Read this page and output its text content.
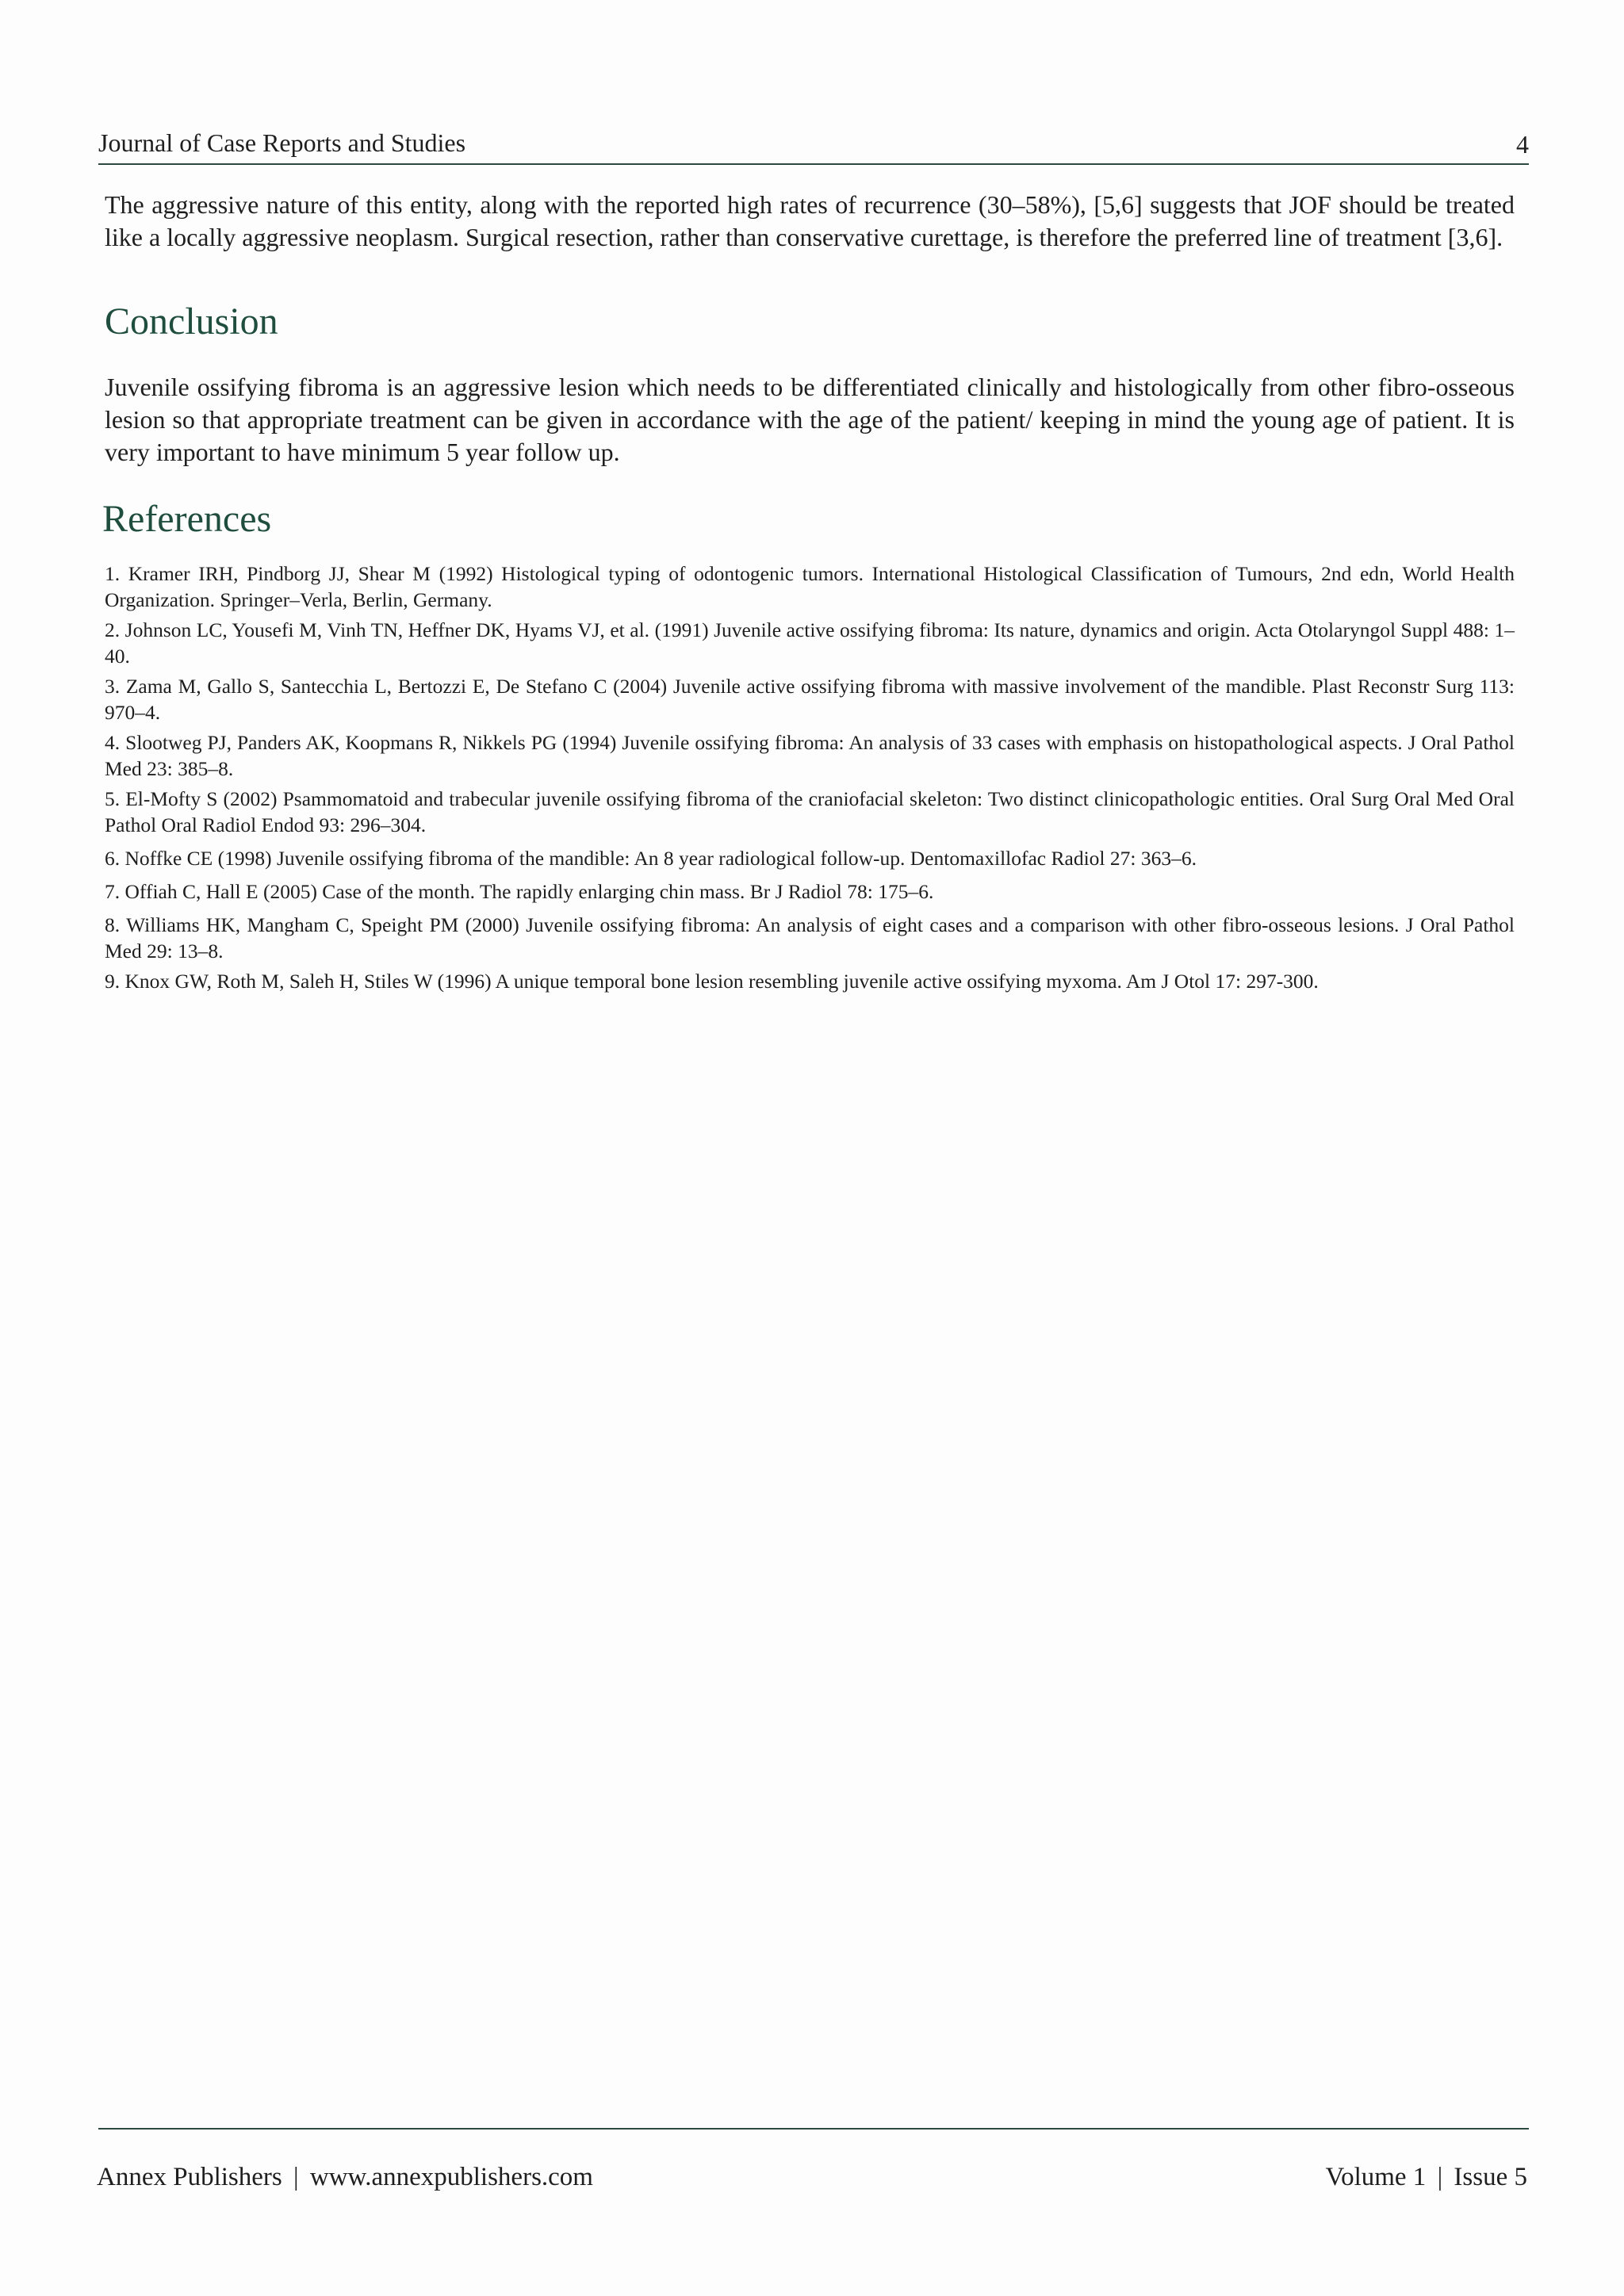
Journal of Case Reports and Studies	4

The aggressive nature of this entity, along with the reported high rates of recurrence (30–58%), [5,6] suggests that JOF should be treated like a locally aggressive neoplasm. Surgical resection, rather than conservative curettage, is therefore the preferred line of treatment [3,6].

Conclusion

Juvenile ossifying fibroma is an aggressive lesion which needs to be differentiated clinically and histologically from other fibro-osseous lesion so that appropriate treatment can be given in accordance with the age of the patient/ keeping in mind the young age of patient. It is very important to have minimum 5 year follow up.

References
1. Kramer IRH, Pindborg JJ, Shear M (1992) Histological typing of odontogenic tumors. International Histological Classification of Tumours, 2nd edn, World Health Organization. Springer–Verla, Berlin, Germany.
2. Johnson LC, Yousefi M, Vinh TN, Heffner DK, Hyams VJ, et al. (1991) Juvenile active ossifying fibroma: Its nature, dynamics and origin. Acta Otolaryngol Suppl 488: 1–40.
3. Zama M, Gallo S, Santecchia L, Bertozzi E, De Stefano C (2004) Juvenile active ossifying fibroma with massive involvement of the mandible. Plast Reconstr Surg 113: 970–4.
4. Slootweg PJ, Panders AK, Koopmans R, Nikkels PG (1994) Juvenile ossifying fibroma: An analysis of 33 cases with emphasis on histopathological aspects. J Oral Pathol Med 23: 385–8.
5. El-Mofty S (2002) Psammomatoid and trabecular juvenile ossifying fibroma of the craniofacial skeleton: Two distinct clinicopathologic entities. Oral Surg Oral Med Oral Pathol Oral Radiol Endod 93: 296–304.
6. Noffke CE (1998) Juvenile ossifying fibroma of the mandible: An 8 year radiological follow-up. Dentomaxillofac Radiol 27: 363–6.
7. Offiah C, Hall E (2005) Case of the month. The rapidly enlarging chin mass. Br J Radiol 78: 175–6.
8. Williams HK, Mangham C, Speight PM (2000) Juvenile ossifying fibroma: An analysis of eight cases and a comparison with other fibro-osseous lesions. J Oral Pathol Med 29: 13–8.
9. Knox GW, Roth M, Saleh H, Stiles W (1996) A unique temporal bone lesion resembling juvenile active ossifying myxoma. Am J Otol 17: 297-300.
Annex Publishers | www.annexpublishers.com	Volume 1 | Issue 5
